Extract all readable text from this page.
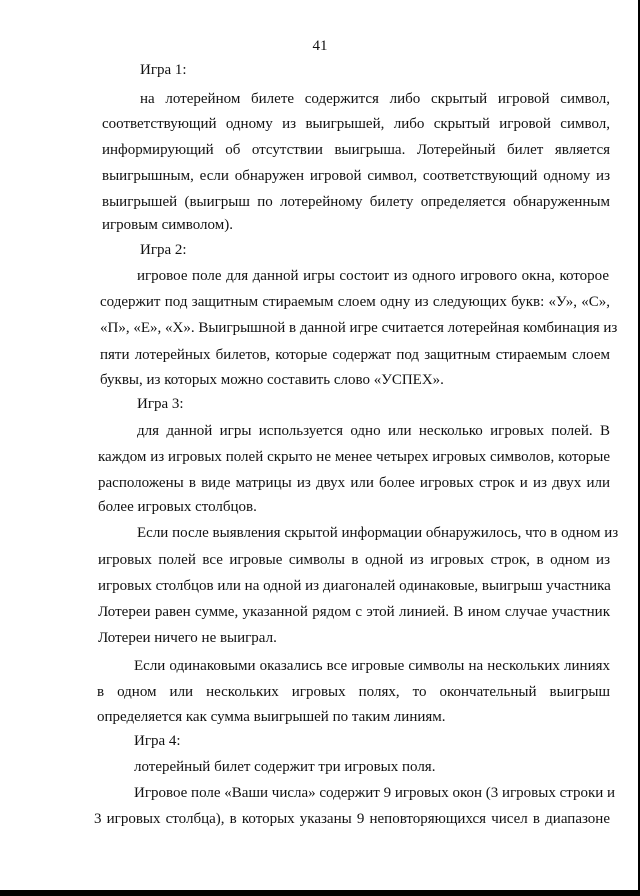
41
Игра 1:
на лотерейном билете содержится либо скрытый игровой символ,
соответствующий одному из выигрышей, либо скрытый игровой символ,
информирующий об отсутствии выигрыша. Лотерейный билет является
выигрышным, если обнаружен игровой символ, соответствующий одному из
выигрышей (выигрыш по лотерейному билету определяется обнаруженным
игровым символом).
Игра 2:
игровое поле для данной игры состоит из одного игрового окна, которое
содержит под защитным стираемым слоем одну из следующих букв: «У», «С»,
«П», «Е», «Х». Выигрышной в данной игре считается лотерейная комбинация из
пяти лотерейных билетов, которые содержат под защитным стираемым слоем
буквы, из которых можно составить слово «УСПЕХ».
Игра 3:
для данной игры используется одно или несколько игровых полей. В
каждом из игровых полей скрыто не менее четырех игровых символов, которые
расположены в виде матрицы из двух или более игровых строк и из двух или
более игровых столбцов.
Если после выявления скрытой информации обнаружилось, что в одном из
игровых полей все игровые символы в одной из игровых строк, в одном из
игровых столбцов или на одной из диагоналей одинаковые, выигрыш участника
Лотереи равен сумме, указанной рядом с этой линией. В ином случае участник
Лотереи ничего не выиграл.
Если одинаковыми оказались все игровые символы на нескольких линиях
в одном или нескольких игровых полях, то окончательный выигрыш
определяется как сумма выигрышей по таким линиям.
Игра 4:
лотерейный билет содержит три игровых поля.
Игровое поле «Ваши числа» содержит 9 игровых окон (3 игровых строки и
3 игровых столбца), в которых указаны 9 неповторяющихся чисел в диапазоне
